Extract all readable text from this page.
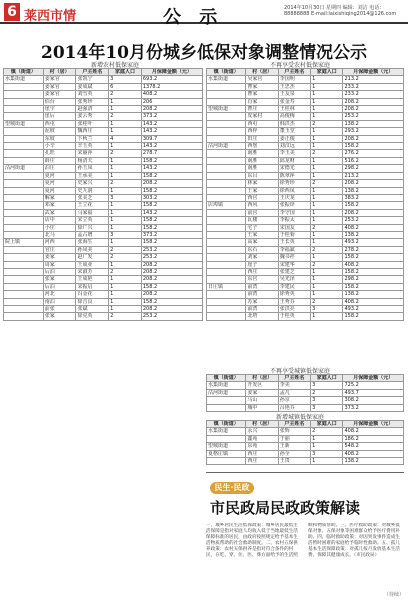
6 莱西市情	公 示	2014年10月30日 星期四 编辑：刘洁 电话：88888888 E-mail:laixishiqing2014@126.com
2014年10月份城乡低保对象调整情况公示
新增农村低保家庭
镇（街道）	村（居）	户主姓名	家庭人口	月保障金额（元）
水集街道	姜家官	张凯宁	3	693.2
	姜家官	姜成斌	6	1378.2
	姜家官	刘雪英	2	408.2
	佰台	张秀珍	1	206
	崖宇	赵强清	1	208.2
	崖后	姜云秀	2	373.2
望城街道	西屯	张桂叶	1	143.2
	泥坡	魏西庄	1	143.2
	东坡	下秋兰	4	309.7
	小辛	辛玉英	1	143.2
	孔旺	宋丽萍	2	278.7
	薛庄	杨清夫	1	158.2
沽河街道	泊庄	孙玉凤	1	143.2
	夏河	王承美	1	158.2
	夏河	史家兴	2	208.2
	夏河	史九润	1	158.2
	解家	张美芝	3	303.2
	邓家	王立花	1	158.2
	武家	马家福	1	143.2
	店中	宋立英	1	158.2
	小庄	徐广兴	1	158.2
	北马	孟占增	3	373.2
院上镇	河西	张海生	1	158.2
	官庄	孙凤美	2	253.2
	姜家	赵广发	2	253.2
	周家	王成业	1	208.2
	后泊	宋淑芳	2	208.2
	张家	王成艳	1	208.2
	后泊	宋振启	1	158.2
	河北	冯金花	1	208.2
	南泊	徐吉良	1	158.2
	前张	张斌	1	208.2
	张家	徐克英	2	253.2
不再享受农村低保家庭
镇（街道）	村（居）	户主姓名	家庭人口	月保障金额（元）
水集街道	吴家官	李国明	1	213.2
	曹家	王忠杰	1	233.2
	曹家	王友泉	1	233.2
	肖家	张金寿	1	208.2
望城街道	曹庄	王桂林	1	208.2
	皮家村	高俊梅	1	253.2
	西屯	韩洪杰	2	138.2
	西梓	董玉堂	1	293.2
	田庄	姜正俊	1	208.2
沽河街道	西堡	刘汉远	1	158.2
	南胜	李玉美	2	276.2
	南胜	邱龙财	1	516.2
	南胜	宋德光	1	298.2
	东吕	陈翠萍	1	213.2
	林家	徐秀珍	2	208.2
	王家	徐西凤	1	138.2
	西官	王庆龙	1	383.2
店埠镇	西风	张振铎	1	158.2
	前官	李守国	1	208.2
	瓦楼	李振太	1	253.2
	宅子	宋国友	2	408.2
	王家	于桂菊	1	138.2
	高家	王长英	1	493.2
	东石	李福斌	2	278.2
	刘家	魏书祥	1	158.2
	崖子	宋建华	2	408.2
	西庄	张建芝	1	158.2
	东官	吴光泽	1	298.2
日庄镇	前湾	李建民	1	158.2
	前湾	徐秀英	1	138.2
	苏家	王秀芬	2	408.2
	前湾	张洪亮	3	493.2
	北塔	于桂英	1	158.2
不再享受城镇低保家庭
镇（街道）	村（居）	户主姓名	家庭人口	月保障金额（元）
水集街道	开发区	李美	3	725.2
沽河街道	姜家	孟凡	2	493.7
	马山	孙京	3	308.2
	城中	吕艳芬	3	373.2
新增城镇低保家庭
镇（街道）	村（居）	户主姓名	家庭人口	月保障金额（元）
水集街道	永兴	张辉	2	408.2
	鑫苑	于丽	1	186.2
望城街道	东苑	王新	1	548.2
夏格庄镇	西庄	孙全	3	408.2
	西庄	王贵	1	138.2
民生·民政
市民政局民政政策解读
一、城乡居民生活低保政策：城乡居民最低生活保障是指对家庭人均收入低于当地最低生活保障标准的居民，由政府按照规定给予基本生活物质帮助的社会救助制度。二、农村五保供养政策：农村五保供养是指对符合条件的村民，在吃、穿、住、医、葬方面给予的生活照顾和物质帮助。三、医疗救助政策：对城乡低保对象、五保对象等困难群众给予医疗费用补助。四、临时救助政策：对因突发事件造成生活暂时困难的家庭给予临时性救助。五、孤儿基本生活保障政策：对孤儿按月发放基本生活费，保障其健康成长。（市民政局）
（待续）
